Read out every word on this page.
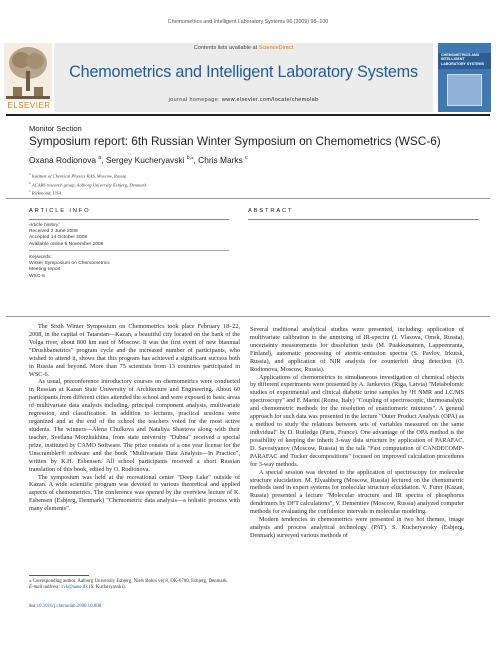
Chemometrics and Intelligent Laboratory Systems 96 (2009) 98–100
ELSEVIER
Contents lists available at ScienceDirect
Chemometrics and Intelligent Laboratory Systems
journal homepage: www.elsevier.com/locate/chemolab
CHEMOMETRICS AND INTELLIGENT LABORATORY SYSTEMS
Monitor Section
Symposium report: 6th Russian Winter Symposium on Chemometrics (WSC-6)
Oxana Rodionova $^a$, Sergey Kucheryavski $^{b,⁎}$, Chris Marks $^c$
$^a$ Institute of Chemical Physics RAS, Moscow, Russia
$^b$ ACABS research group, Aalborg University Esbjerg, Denmark
$^c$ Richmond, USA
ARTICLE INFO	ABSTRACT
Article history:
Received 2 June 2008
Accepted 14 October 2008
Available online 5 November 2008
Keywords:
Winter Symposium on Chemometrics
Meeting report
WSC-6

The Sixth Winter Symposium on Chemometrics took place February 18–22, 2008, in the capital of Tatarstan—Kazan, a beautiful city located on the bank of the Volga river, about 800 km east of Moscow. It was the first event of new biannual "Drushbametrics" program cycle and the increased number of participants, who wished to attend it, shows that this program has achieved a significant success both in Russia and beyond. More than 75 scientists from 13 countries participated in WSC-6.

As usual, preconference introductory courses on chemometrics were conducted in Russian at Kazan State University of Architecture and Engineering. About 60 participants from different cities attended the school and were exposed to basic areas of multivariate data analysis including, principal component analysis, multivariate regression, and classification. In addition to lectures, practical sessions were organized and at the end of the school the teachers voted for the most active students. The winners—Alena Chulkova and Nataliya Shastova along with their teacher, Svetlana Morzhukhina, from state university "Dubna" received a special prize, instituted by CAMO Software. The prize consists of a one year license for the Unscrambler® software and the book "Multivariate Data Analysis—In Practice", written by K.H. Esbensen. All school participants received a short Russian translation of this book, edited by O. Rodionova.

The symposium was held at the recreational center "Deep Lake" outside of Kazan. A wide scientific program was devoted to various theoretical and applied aspects of chemometrics. The conference was opened by the overview lecture of K. Esbensen (Esbjerg, Denmark) "Chemometric data analysis—a holistic process with many elements".

Several traditional analytical studies were presented, including: application of multivariate calibration to the unmixing of IR-spectra (I. Vlasova, Omsk, Russia), uncertainty measurements for dissolution tests (M. Paakkunainen, Lappeenranta, Finland), automatic processing of atomic-emission spectra (S. Pavlov, Irkutsk, Russia), and application of NIR analysis for counterfeit drug detection (O. Rodionova, Moscow, Russia).

Applications of chemometrics to simultaneous investigation of chemical objects by different experiments were presented by A. Jankevics (Riga, Latvia) "Metabolomic studies of experimental and clinical diabetic urine samples by ¹H NMR and LC/MS spectroscopy" and F. Marini (Rome, Italy) "Coupling of spectroscopic, thermoanalytic and chemometric methods for the resolution of enantiomeric mixtures". A general approach for such data was presented in the lecture "Outer Product Analysis (OPA) as a method to study the relations between sets of variables measured on the same individual" by D. Rutledge (Paris, France). One advantage of the OPA method is the possibility of keeping the inherit 3-way data structure by application of PARAFAC. D. Savostyanov (Moscow, Russia) in the talk "Fast computation of CANDECOMP-PARAFAC and Tucker decompositions" focused on improved calculation procedures for 3-way methods.

A special session was devoted to the application of spectroscopy for molecular structure elucidation. M. Elyashberg (Moscow, Russia) lectured on the chemometric methods used in expert systems for molecular structure elucidation. V. Furer (Kazan, Russia) presented a lecture "Molecular structure and IR spectra of phosphorus dendrimers by DFT calculations", V. Dementiev (Moscow, Russia) analyzed computer methods for evaluating the confidence intervals in molecular modeling.

Modern tendencies in chemometrics were presented in two hot themes, image analysis and process analytical technology (PAT). S. Kucheryavsky (Esbjerg, Denmark) surveyed various methods of

⁎ Corresponding author. Aalborg University Esbjerg, Niels Bohrs vej 8, DK-6700, Esbjerg, Denmark.
E-mail address: svk@aaue.dk (S. Kucheryavski).
doi:10.1016/j.chemolab.2008.10.008
